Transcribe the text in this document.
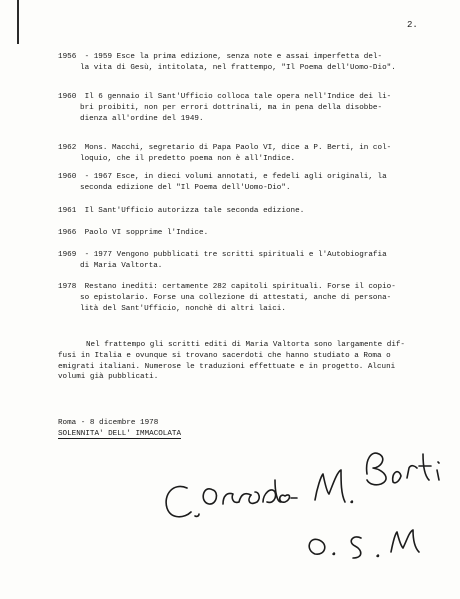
2.
1956 - 1959 Esce la prima edizione, senza note e assai imperfetta del-
la vita di Gesù, intitolata, nel frattempo, "Il Poema dell'Uomo-Dio".
1960 Il 6 gennaio il Sant'Ufficio colloca tale opera nell'Indice dei li-
bri proibiti, non per errori dottrinali, ma in pena della disobbe-
dienza all'ordine del 1949.
1962 Mons. Macchi, segretario di Papa Paolo VI, dice a P. Berti, in col-
loquio, che il predetto poema non è all'Indice.
1960 - 1967 Esce, in dieci volumi annotati, e fedeli agli originali, la
seconda edizione del "Il Poema dell'Uomo-Dio".
1961 Il Sant'Ufficio autorizza tale seconda edizione.
1966 Paolo VI sopprime l'Indice.
1969 - 1977 Vengono pubblicati tre scritti spirituali e l'Autobiografia
di Maria Valtorta.
1978 Restano inediti: certamente 282 capitoli spirituali. Forse il copio-
so epistolario. Forse una collezione di attestati, anche di persona-
lità del Sant'Ufficio, nonchè di altri laici.
Nel frattempo gli scritti editi di Maria Valtorta sono largamente dif-
fusi in Italia e ovunque si trovano sacerdoti che hanno studiato a Roma o
emigrati italiani. Numerose le traduzioni effettuate e in progetto. Alcuni
volumi già pubblicati.
Roma - 8 dicembre 1978
SOLENNITA' DELL' IMMACOLATA
